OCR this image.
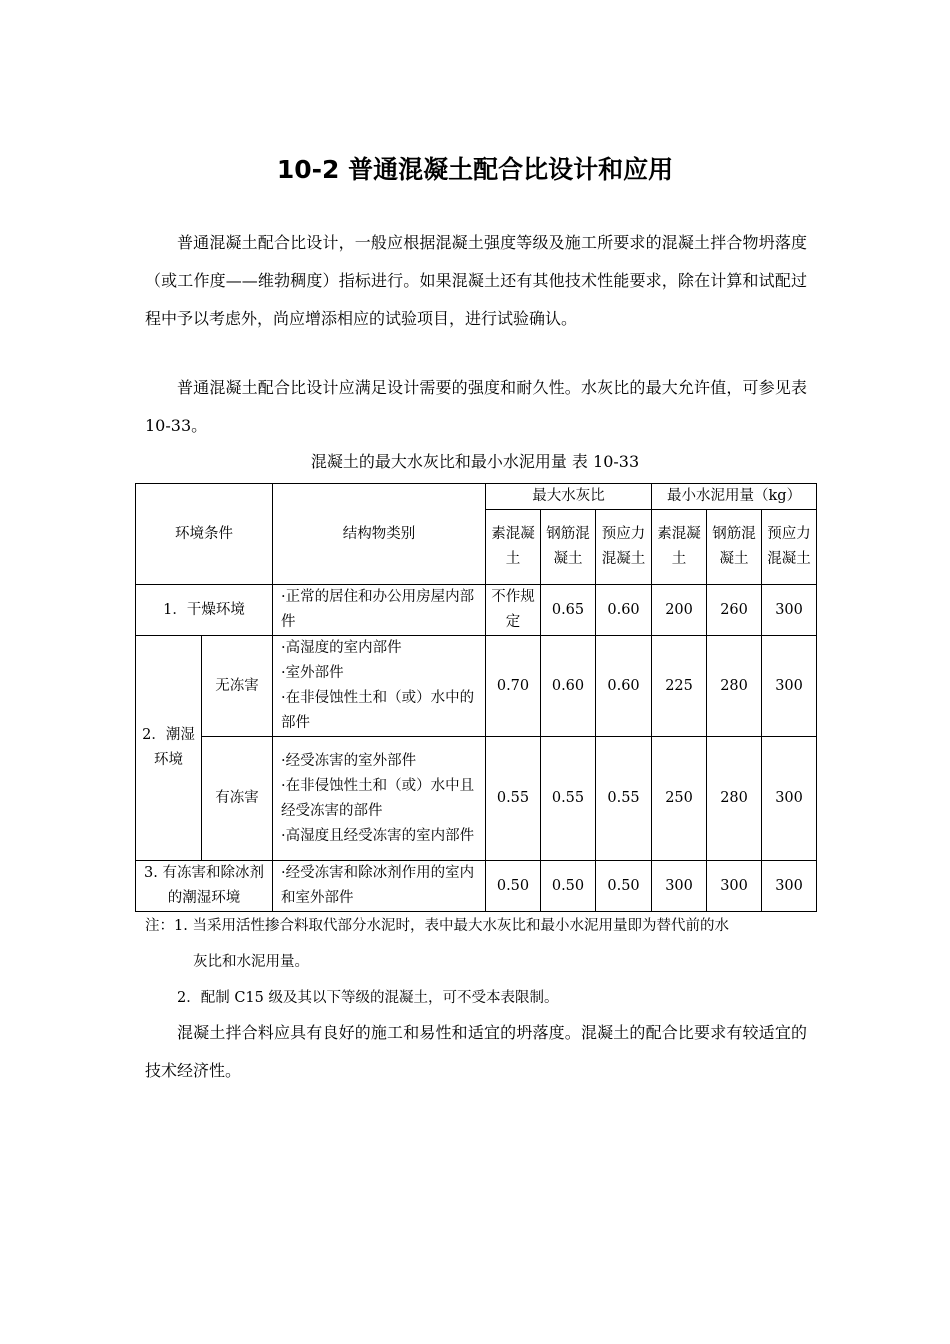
10-2 普通混凝土配合比设计和应用

普通混凝土配合比设计，一般应根据混凝土强度等级及施工所要求的混凝土拌合物坍落度（或工作度——维勃稠度）指标进行。如果混凝土还有其他技术性能要求，除在计算和试配过程中予以考虑外，尚应增添相应的试验项目，进行试验确认。

普通混凝土配合比设计应满足设计需要的强度和耐久性。水灰比的最大允许值，可参见表 10-33。

混凝土的最大水灰比和最小水泥用量 表 10-33

环境条件		结构物类别	最大水灰比			最小水泥用量（kg）		
			素混凝土	钢筋混凝土	预应力混凝土	素混凝土	钢筋混凝土	预应力混凝土
1．干燥环境		·正常的居住和办公用房屋内部件	不作规定	0.65	0.60	200	260	300
2．潮湿环境	无冻害	·高湿度的室内部件
·室外部件
·在非侵蚀性土和（或）水中的部件	0.70	0.60	0.60	225	280	300
	有冻害	·经受冻害的室外部件
·在非侵蚀性土和（或）水中且经受冻害的部件
·高湿度且经受冻害的室内部件	0.55	0.55	0.55	250	280	300
3. 有冻害和除冰剂的潮湿环境		·经受冻害和除冰剂作用的室内和室外部件	0.50	0.50	0.50	300	300	300
注：1. 当采用活性掺合料取代部分水泥时，表中最大水灰比和最小水泥用量即为替代前的水
灰比和水泥用量。
2．配制 C15 级及其以下等级的混凝土，可不受本表限制。

混凝土拌合料应具有良好的施工和易性和适宜的坍落度。混凝土的配合比要求有较适宜的技术经济性。
